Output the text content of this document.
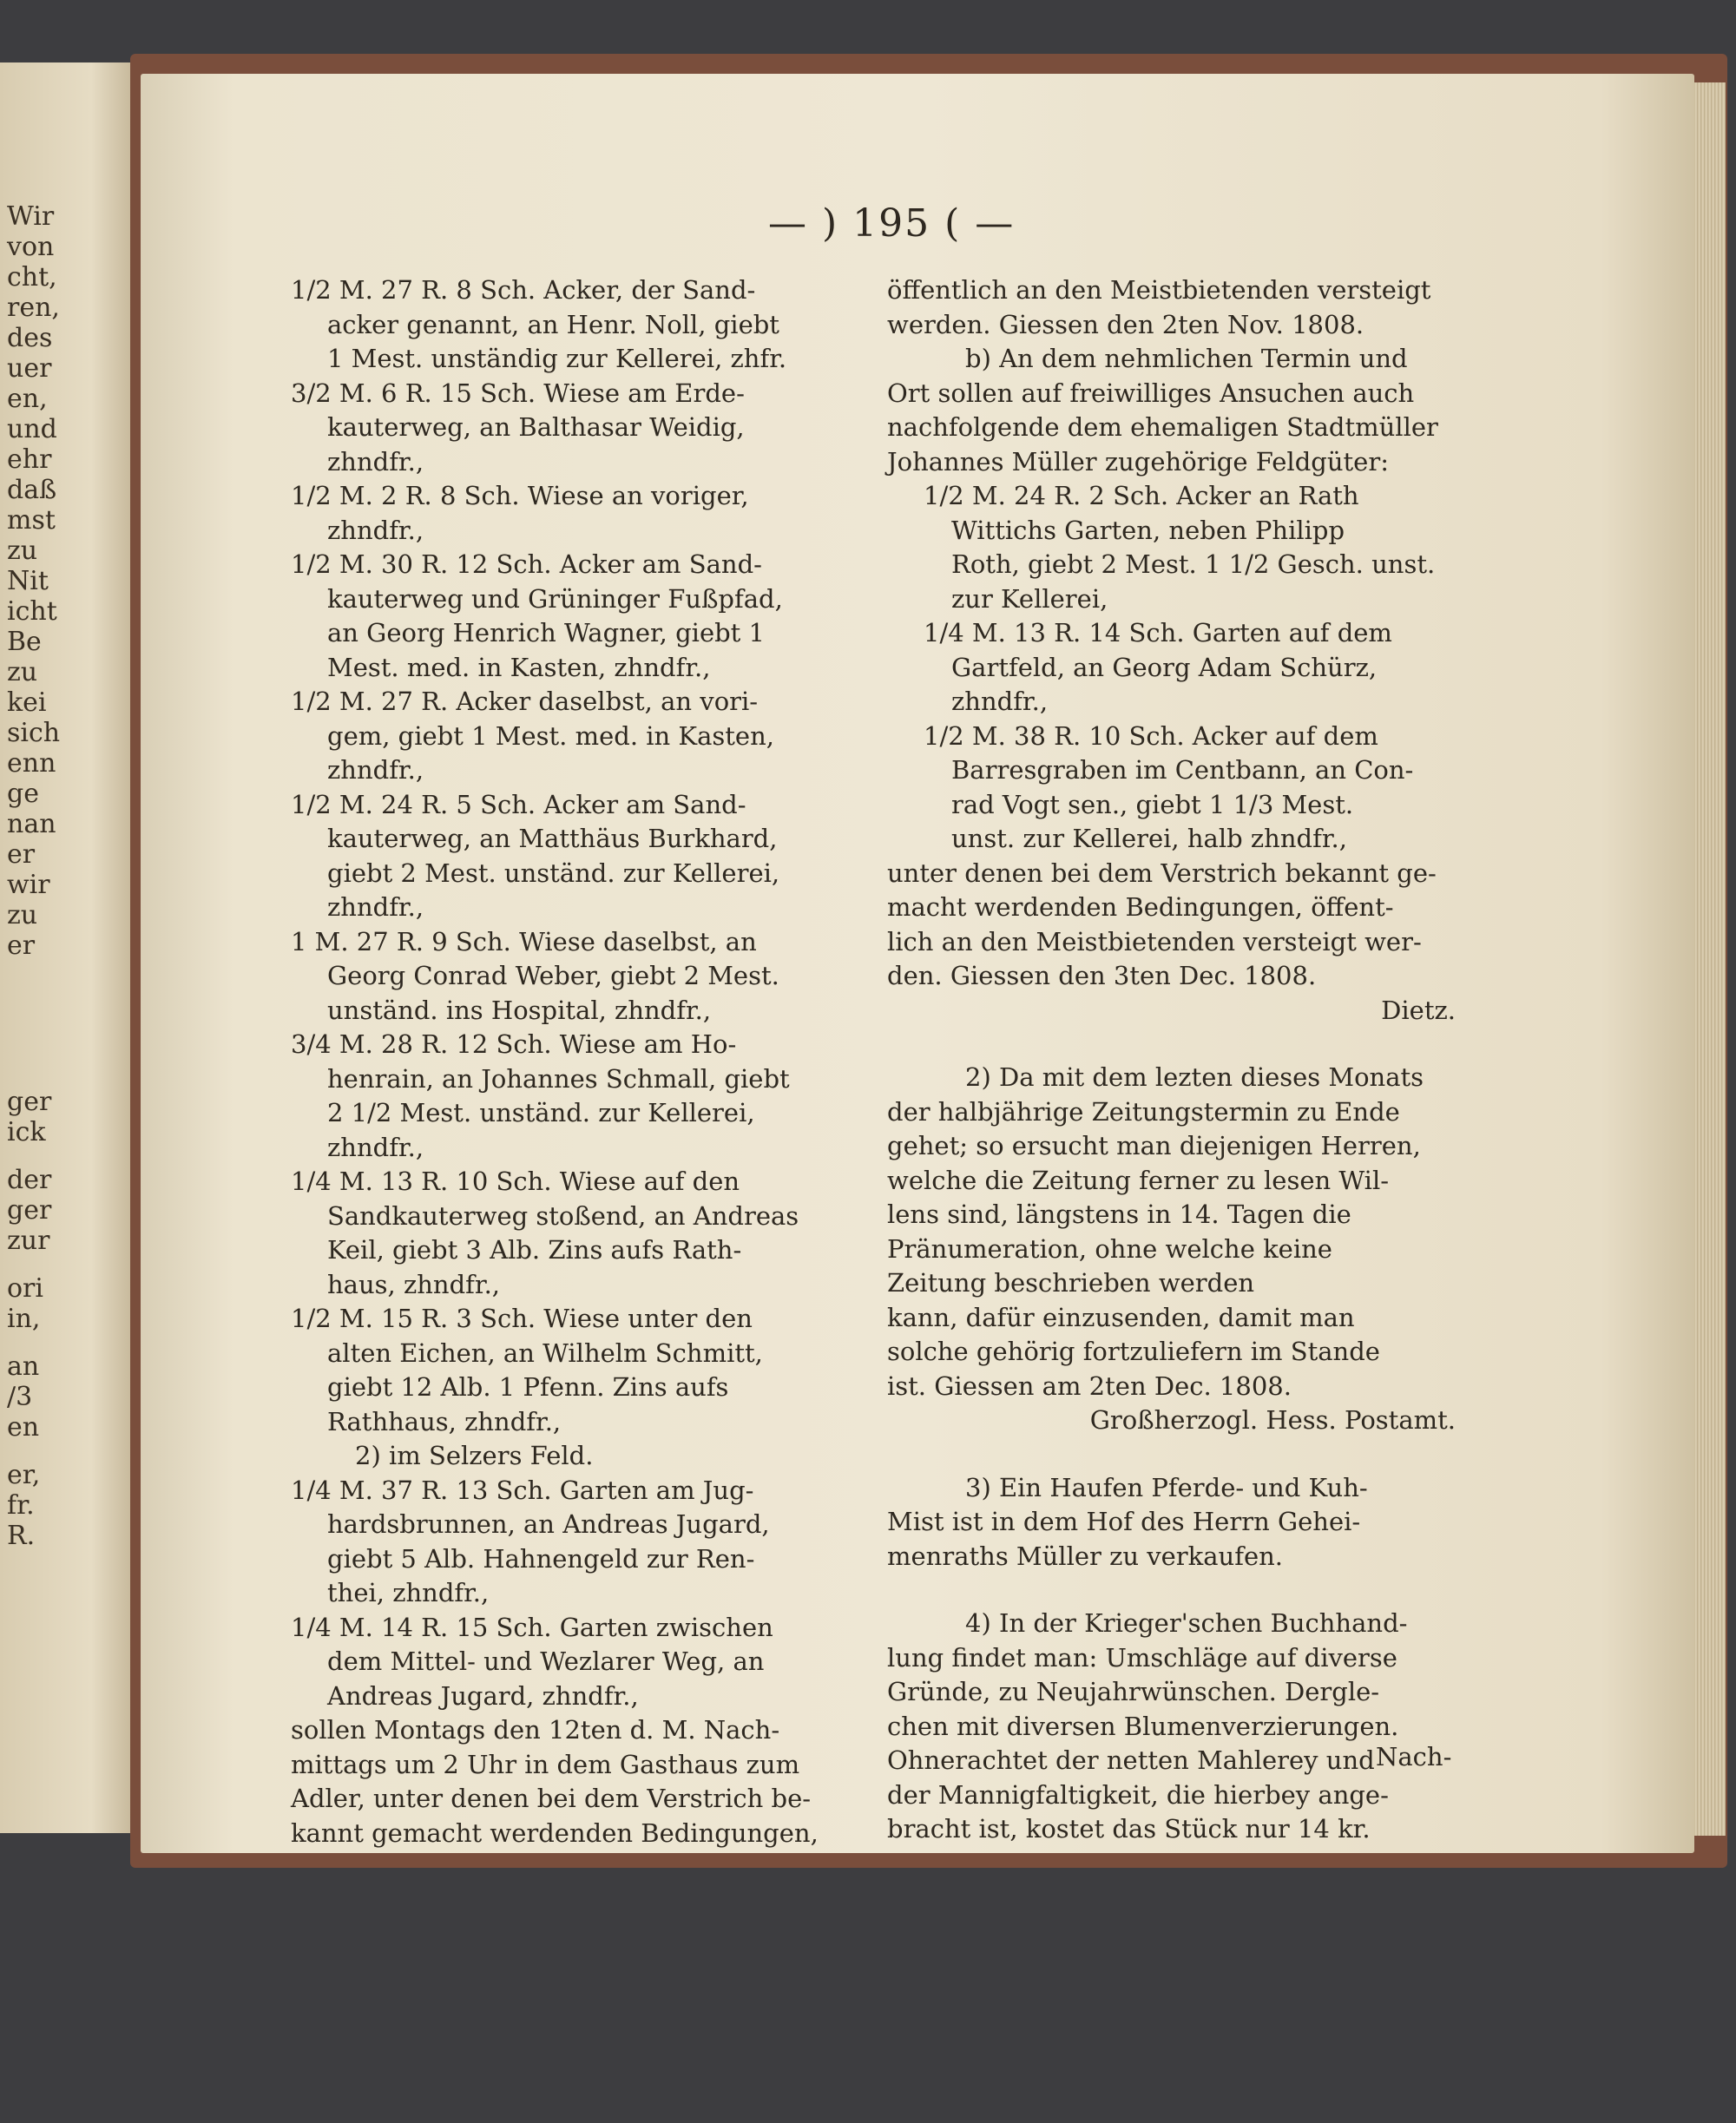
Wir
von
cht,
ren,
des
uer
en,
und
ehr
daß
mst
zu
Nit
icht
Be
zu
kei
sich
enn
ge
nan
er
wir
zu
er
ger
ick
der
ger
zur
ori
in,
an
/3
en
er,
fr.
R.
— ) 195 ( —
1/2 M. 27 R. 8 Sch. Acker, der Sand-
acker genannt, an Henr. Noll, giebt
1 Mest. unständig zur Kellerei, zhfr.
3/2 M. 6 R. 15 Sch. Wiese am Erde-
kauterweg, an Balthasar Weidig,
zhndfr.,
1/2 M. 2 R. 8 Sch. Wiese an voriger,
zhndfr.,
1/2 M. 30 R. 12 Sch. Acker am Sand-
kauterweg und Grüninger Fußpfad,
an Georg Henrich Wagner, giebt 1
Mest. med. in Kasten, zhndfr.,
1/2 M. 27 R. Acker daselbst, an vori-
gem, giebt 1 Mest. med. in Kasten,
zhndfr.,
1/2 M. 24 R. 5 Sch. Acker am Sand-
kauterweg, an Matthäus Burkhard,
giebt 2 Mest. unständ. zur Kellerei,
zhndfr.,
1 M. 27 R. 9 Sch. Wiese daselbst, an
Georg Conrad Weber, giebt 2 Mest.
unständ. ins Hospital, zhndfr.,
3/4 M. 28 R. 12 Sch. Wiese am Ho-
henrain, an Johannes Schmall, giebt
2 1/2 Mest. unständ. zur Kellerei,
zhndfr.,
1/4 M. 13 R. 10 Sch. Wiese auf den
Sandkauterweg stoßend, an Andreas
Keil, giebt 3 Alb. Zins aufs Rath-
haus, zhndfr.,
1/2 M. 15 R. 3 Sch. Wiese unter den
alten Eichen, an Wilhelm Schmitt,
giebt 12 Alb. 1 Pfenn. Zins aufs
Rathhaus, zhndfr.,
2) im Selzers Feld.
1/4 M. 37 R. 13 Sch. Garten am Jug-
hardsbrunnen, an Andreas Jugard,
giebt 5 Alb. Hahnengeld zur Ren-
thei, zhndfr.,
1/4 M. 14 R. 15 Sch. Garten zwischen
dem Mittel- und Wezlarer Weg, an
Andreas Jugard, zhndfr.,
sollen Montags den 12ten d. M. Nach-
mittags um 2 Uhr in dem Gasthaus zum
Adler, unter denen bei dem Verstrich be-
kannt gemacht werdenden Bedingungen,
öffentlich an den Meistbietenden versteigt
werden. Giessen den 2ten Nov. 1808.
b) An dem nehmlichen Termin und
Ort sollen auf freiwilliges Ansuchen auch
nachfolgende dem ehemaligen Stadtmüller
Johannes Müller zugehörige Feldgüter:
1/2 M. 24 R. 2 Sch. Acker an Rath
Wittichs Garten, neben Philipp
Roth, giebt 2 Mest. 1 1/2 Gesch. unst.
zur Kellerei,
1/4 M. 13 R. 14 Sch. Garten auf dem
Gartfeld, an Georg Adam Schürz,
zhndfr.,
1/2 M. 38 R. 10 Sch. Acker auf dem
Barresgraben im Centbann, an Con-
rad Vogt sen., giebt 1 1/3 Mest.
unst. zur Kellerei, halb zhndfr.,
unter denen bei dem Verstrich bekannt ge-
macht werdenden Bedingungen, öffent-
lich an den Meistbietenden versteigt wer-
den. Giessen den 3ten Dec. 1808.
Dietz.
2) Da mit dem lezten dieses Monats
der halbjährige Zeitungstermin zu Ende
gehet; so ersucht man diejenigen Herren,
welche die Zeitung ferner zu lesen Wil-
lens sind, längstens in 14. Tagen die
Pränumeration, ohne welche keine
Zeitung beschrieben werden
kann, dafür einzusenden, damit man
solche gehörig fortzuliefern im Stande
ist. Giessen am 2ten Dec. 1808.
Großherzogl. Hess. Postamt.
3) Ein Haufen Pferde- und Kuh-
Mist ist in dem Hof des Herrn Gehei-
menraths Müller zu verkaufen.
4) In der Krieger'schen Buchhand-
lung findet man: Umschläge auf diverse
Gründe, zu Neujahrwünschen. Dergle-
chen mit diversen Blumenverzierungen.
Ohnerachtet der netten Mahlerey und
der Mannigfaltigkeit, die hierbey ange-
bracht ist, kostet das Stück nur 14 kr.
Nach-
